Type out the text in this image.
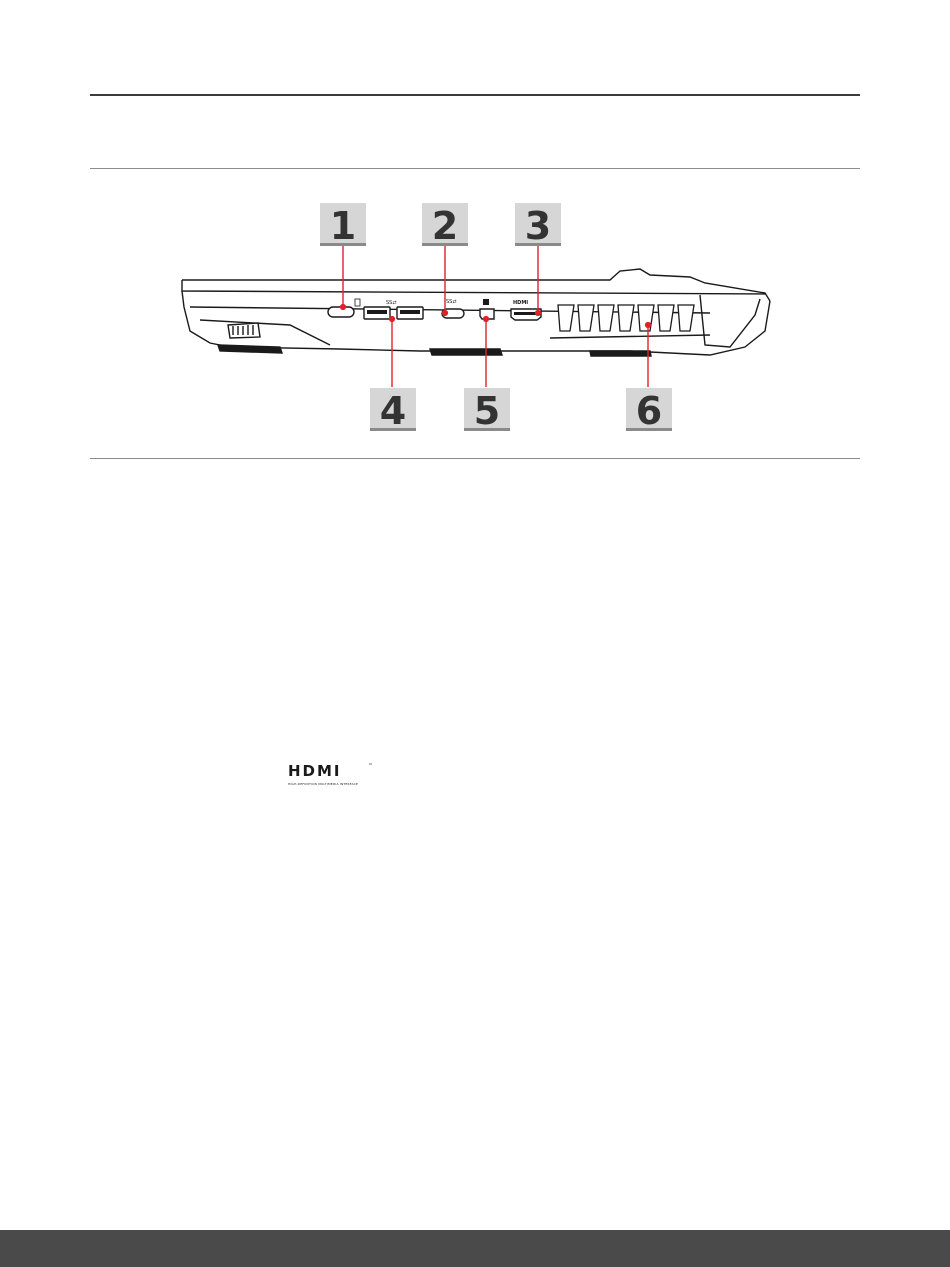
1 2 3
SS⇄	SS⇄	HDMI
4 5	6
HDMI	™
HIGH-DEFINITION MULTIMEDIA INTERFACE
